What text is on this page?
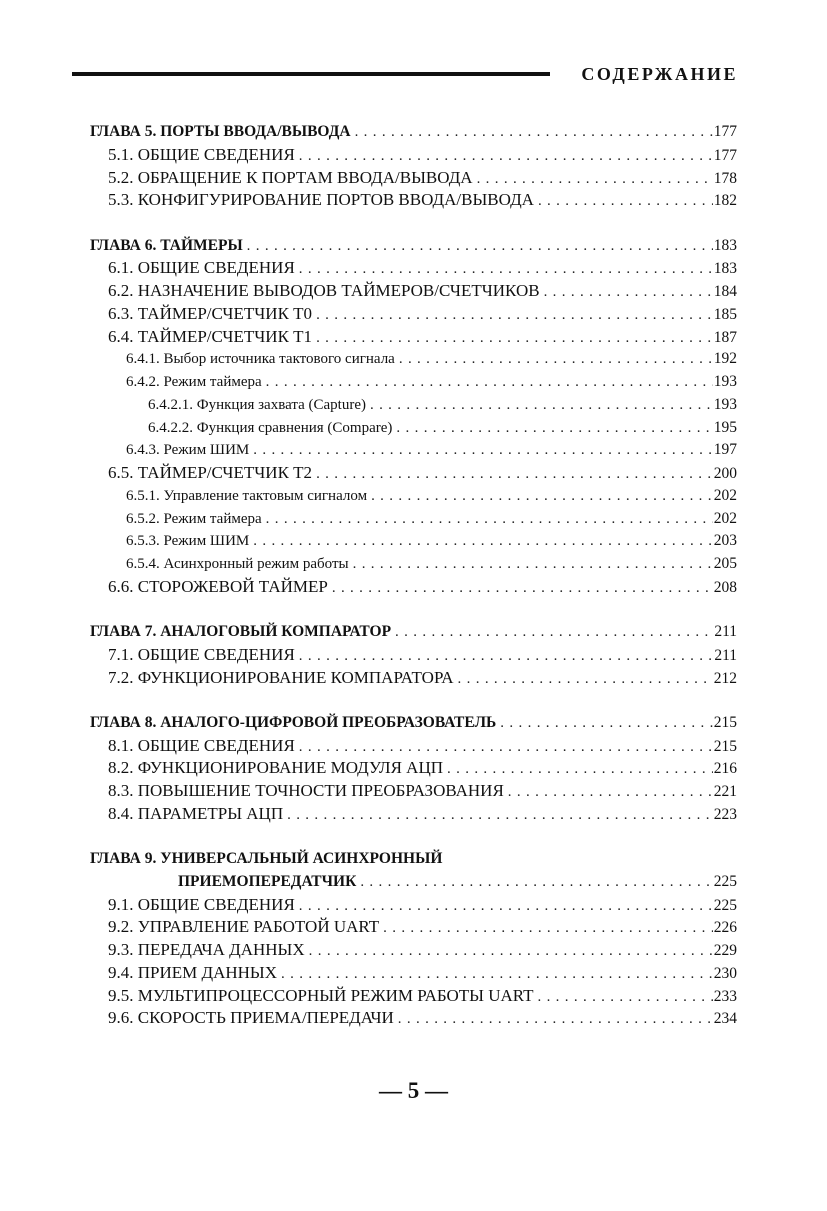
СОДЕРЖАНИЕ
ГЛАВА 5. ПОРТЫ ВВОДА/ВЫВОДА . . .	177
5.1. ОБЩИЕ СВЕДЕНИЯ . . .	177
5.2. ОБРАЩЕНИЕ К ПОРТАМ ВВОДА/ВЫВОДА . . .	178
5.3. КОНФИГУРИРОВАНИЕ ПОРТОВ ВВОДА/ВЫВОДА . . .	182
ГЛАВА 6. ТАЙМЕРЫ . . .	183
6.1. ОБЩИЕ СВЕДЕНИЯ . . .	183
6.2. НАЗНАЧЕНИЕ ВЫВОДОВ ТАЙМЕРОВ/СЧЕТЧИКОВ . . .	184
6.3. ТАЙМЕР/СЧЕТЧИК Т0 . . .	185
6.4. ТАЙМЕР/СЧЕТЧИК Т1 . . .	187
6.4.1. Выбор источника тактового сигнала . . .	192
6.4.2. Режим таймера . . .	193
6.4.2.1. Функция захвата (Capture) . . .	193
6.4.2.2. Функция сравнения (Compare) . . .	195
6.4.3. Режим ШИМ . . .	197
6.5. ТАЙМЕР/СЧЕТЧИК Т2 . . .	200
6.5.1. Управление тактовым сигналом . . .	202
6.5.2. Режим таймера . . .	202
6.5.3. Режим ШИМ . . .	203
6.5.4. Асинхронный режим работы . . .	205
6.6. СТОРОЖЕВОЙ ТАЙМЕР . . .	208
ГЛАВА 7. АНАЛОГОВЫЙ КОМПАРАТОР . . .	211
7.1. ОБЩИЕ СВЕДЕНИЯ . . .	211
7.2. ФУНКЦИОНИРОВАНИЕ КОМПАРАТОРА . . .	212
ГЛАВА 8. АНАЛОГО-ЦИФРОВОЙ ПРЕОБРАЗОВАТЕЛЬ . . .	215
8.1. ОБЩИЕ СВЕДЕНИЯ . . .	215
8.2. ФУНКЦИОНИРОВАНИЕ МОДУЛЯ АЦП . . .	216
8.3. ПОВЫШЕНИЕ ТОЧНОСТИ ПРЕОБРАЗОВАНИЯ . . .	221
8.4. ПАРАМЕТРЫ АЦП . . .	223
ГЛАВА 9. УНИВЕРСАЛЬНЫЙ АСИНХРОННЫЙ
ПРИЕМОПЕРЕДАТЧИК . . .	225
9.1. ОБЩИЕ СВЕДЕНИЯ . . .	225
9.2. УПРАВЛЕНИЕ РАБОТОЙ UART . . .	226
9.3. ПЕРЕДАЧА ДАННЫХ . . .	229
9.4. ПРИЕМ ДАННЫХ . . .	230
9.5. МУЛЬТИПРОЦЕССОРНЫЙ РЕЖИМ РАБОТЫ UART . . .	233
9.6. СКОРОСТЬ ПРИЕМА/ПЕРЕДАЧИ . . .	234
— 5 —
